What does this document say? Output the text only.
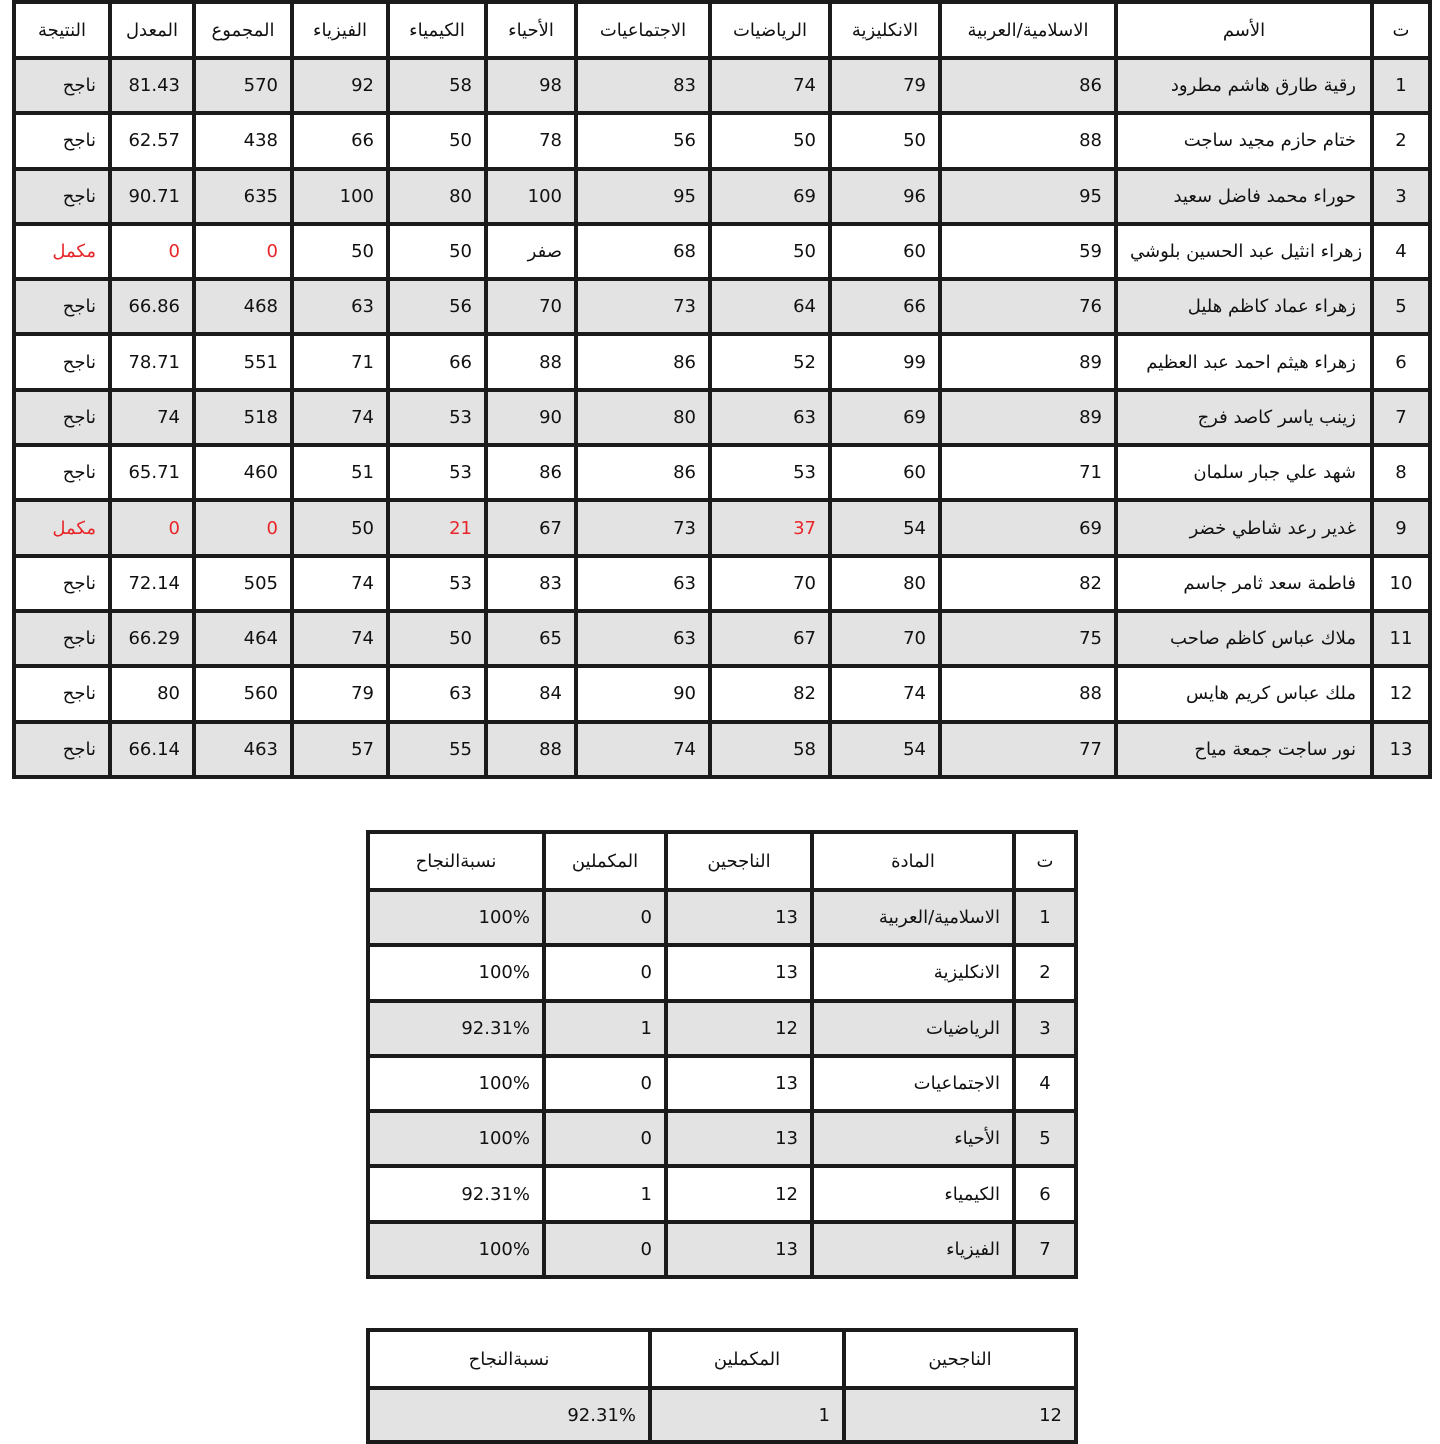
النتيجة	المعدل	المجموع	الفيزياء	الكيمياء	الأحياء	الاجتماعيات	الرياضيات	الانكليزية	الاسلامية/العربية	الأسم	ت
ناجح	81.43	570	92	58	98	83	74	79	86	رقية طارق هاشم مطرود	1
ناجح	62.57	438	66	50	78	56	50	50	88	ختام حازم مجيد ساجت	2
ناجح	90.71	635	100	80	100	95	69	96	95	حوراء محمد فاضل سعيد	3
مكمل	0	0	50	50	صفر	68	50	60	59	زهراء انثيل عبد الحسين بلوشي	4
ناجح	66.86	468	63	56	70	73	64	66	76	زهراء عماد كاظم هليل	5
ناجح	78.71	551	71	66	88	86	52	99	89	زهراء هيثم احمد عبد العظيم	6
ناجح	74	518	74	53	90	80	63	69	89	زينب ياسر كاصد فرج	7
ناجح	65.71	460	51	53	86	86	53	60	71	شهد علي جبار سلمان	8
مكمل	0	0	50	21	67	73	37	54	69	غدير رعد شاطي خضر	9
ناجح	72.14	505	74	53	83	63	70	80	82	فاطمة سعد ثامر جاسم	10
ناجح	66.29	464	74	50	65	63	67	70	75	ملاك عباس كاظم صاحب	11
ناجح	80	560	79	63	84	90	82	74	88	ملك عباس كريم هايس	12
ناجح	66.14	463	57	55	88	74	58	54	77	نور ساجت جمعة مياح	13
نسبةالنجاح	المكملين	الناجحين	المادة	ت
100%	0	13	الاسلامية/العربية	1
100%	0	13	الانكليزية	2
92.31%	1	12	الرياضيات	3
100%	0	13	الاجتماعيات	4
100%	0	13	الأحياء	5
92.31%	1	12	الكيمياء	6
100%	0	13	الفيزياء	7
نسبةالنجاح	المكملين	الناجحين
92.31%	1	12
